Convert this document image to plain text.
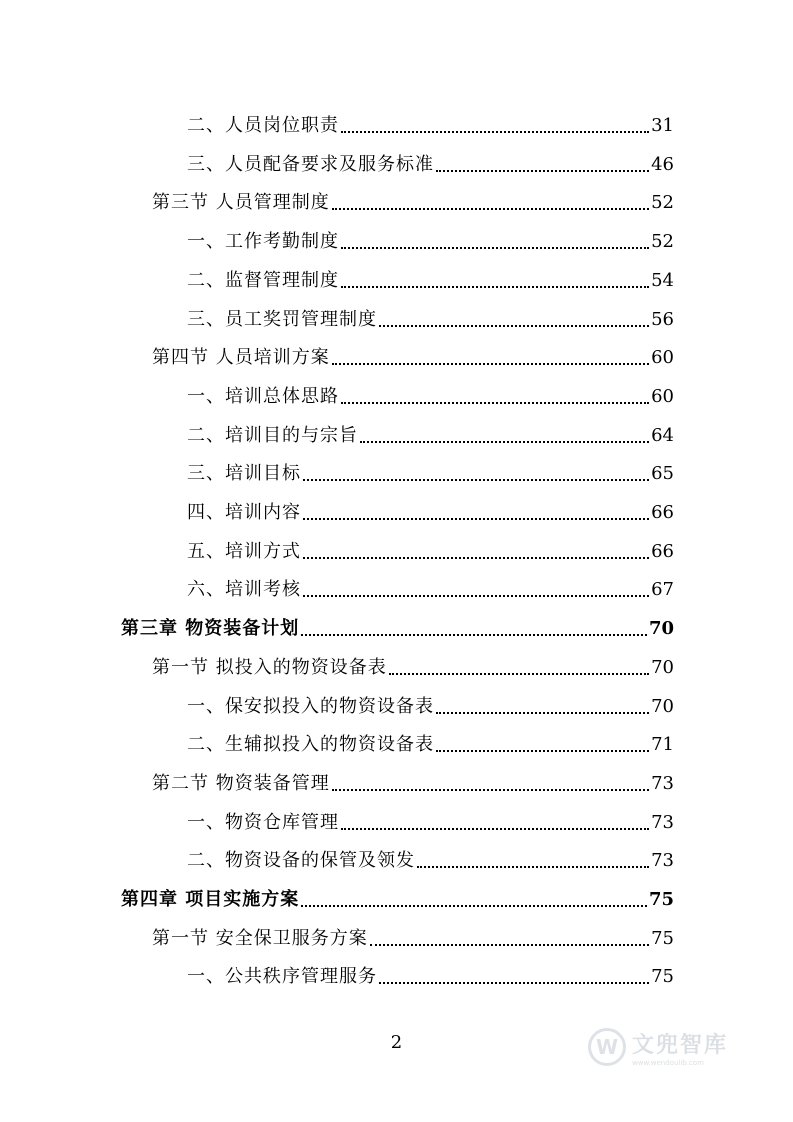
二、人员岗位职责	31
三、人员配备要求及服务标准	46
第三节 人员管理制度	52
一、工作考勤制度	52
二、监督管理制度	54
三、员工奖罚管理制度	56
第四节 人员培训方案	60
一、培训总体思路	60
二、培训目的与宗旨	64
三、培训目标	65
四、培训内容	66
五、培训方式	66
六、培训考核	67
第三章 物资装备计划	70
第一节 拟投入的物资设备表	70
一、保安拟投入的物资设备表	70
二、生辅拟投入的物资设备表	71
第二节 物资装备管理	73
一、物资仓库管理	73
二、物资设备的保管及领发	73
第四章 项目实施方案	75
第一节 安全保卫服务方案	75
一、公共秩序管理服务	75
2	W 文兜智库
www.wendoulib.com
